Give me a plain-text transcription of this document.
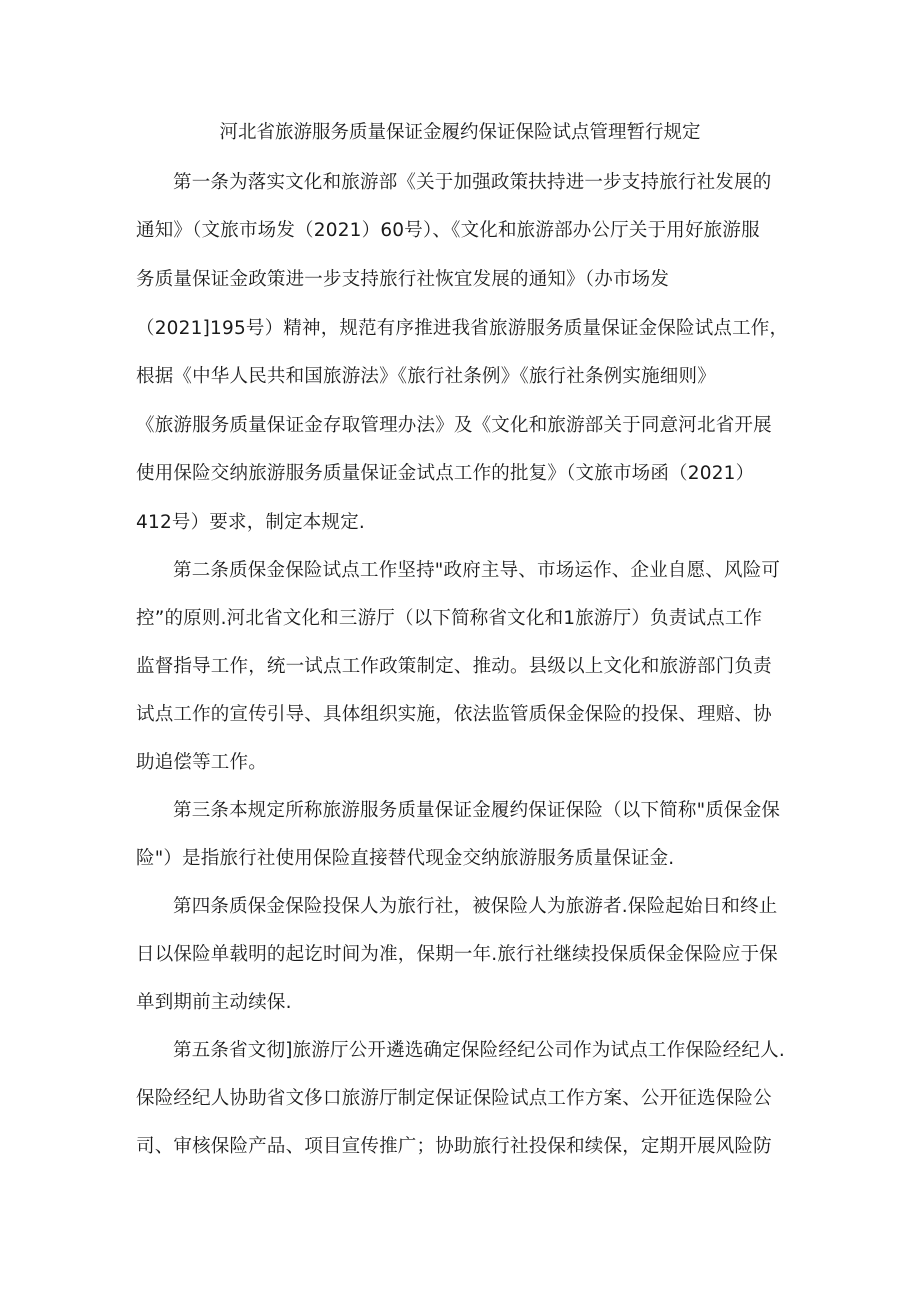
河北省旅游服务质量保证金履约保证保险试点管理暂行规定
第一条为落实文化和旅游部《关于加强政策扶持进一步支持旅行社发展的
通知》（文旅市场发（2021）60号）、《文化和旅游部办公厅关于用好旅游服
务质量保证金政策进一步支持旅行社恢宜发展的通知》（办市场发
（2021]195号）精神，规范有序推进我省旅游服务质量保证金保险试点工作，
根据《中华人民共和国旅游法》《旅行社条例》《旅行社条例实施细则》
《旅游服务质量保证金存取管理办法》及《文化和旅游部关于同意河北省开展
使用保险交纳旅游服务质量保证金试点工作的批复》（文旅市场函（2021）
412号）要求，制定本规定.
第二条质保金保险试点工作坚持"政府主导、市场运作、企业自愿、风险可
控”的原则.河北省文化和三游厅（以下简称省文化和1旅游厅）负责试点工作
监督指导工作，统一试点工作政策制定、推动。县级以上文化和旅游部门负责
试点工作的宣传引导、具体组织实施，依法监管质保金保险的投保、理赔、协
助追偿等工作。
第三条本规定所称旅游服务质量保证金履约保证保险（以下简称"质保金保
险"）是指旅行社使用保险直接替代现金交纳旅游服务质量保证金.
第四条质保金保险投保人为旅行社，被保险人为旅游者.保险起始日和终止
日以保险单载明的起讫时间为准，保期一年.旅行社继续投保质保金保险应于保
单到期前主动续保.
第五条省文彻]旅游厅公开遴选确定保险经纪公司作为试点工作保险经纪人.
保险经纪人协助省文侈口旅游厅制定保证保险试点工作方案、公开征选保险公
司、审核保险产品、项目宣传推广；协助旅行社投保和续保，定期开展风险防
